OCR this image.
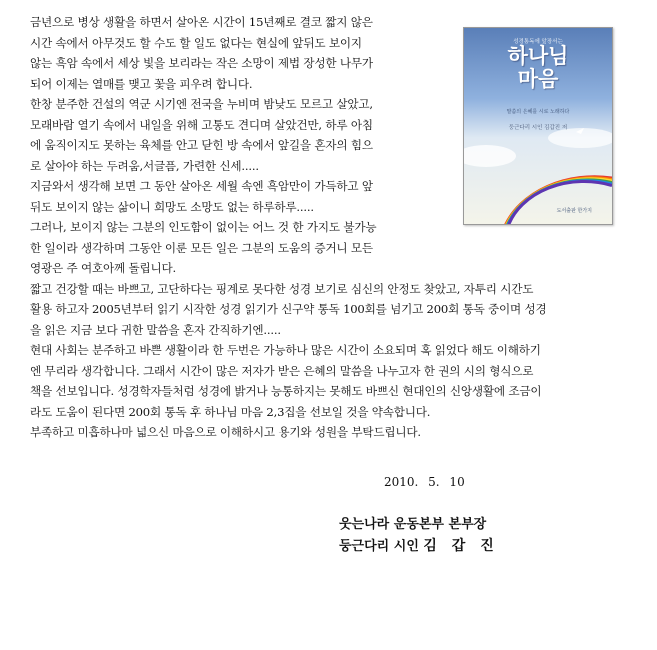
금년으로 병상 생활을 하면서 살아온 시간이 15년째로 결코 짧지 않은
시간 속에서 아무것도 할 수도 할 일도 없다는 현실에 앞뒤도 보이지
않는 흑암 속에서 세상 빛을 보리라는 작은 소망이 제법 장성한 나무가
되어 이제는 열매를 맺고 꽃을 피우려 합니다.
한창 분주한 건설의 역군 시기엔 전국을 누비며 밤낮도 모르고 살았고,
모래바람 열기 속에서 내일을 위해 고통도 견디며 살았건만, 하루 아침
에 움직이지도 못하는 육체를 안고 닫힌 방 속에서 앞길을 혼자의 힘으
로 살아야 하는 두려움,서글픔, 가련한 신세.....
지금와서 생각해 보면 그 동안 살아온 세월 속엔 흑암만이 가득하고 앞
뒤도 보이지 않는 삶이니 희망도 소망도 없는 하루하루.....
그러나, 보이지 않는 그분의 인도함이 없이는 어느 것 한 가지도 불가능
한 일이라 생각하며 그동안 이룬 모든 일은 그분의 도움의 증거니 모든
영광은 주 여호아께 돌립니다.
짧고 건강할 때는 바쁘고, 고단하다는 핑계로 못다한 성경 보기로 심신의 안정도 찾았고, 자투리 시간도
활용 하고자 2005년부터 읽기 시작한 성경 읽기가 신구약 통독 100회를 넘기고 200회 통독 중이며 성경
을 읽은 지금 보다 귀한 말씀을 혼자 간직하기엔.....
현대 사회는 분주하고 바쁜 생활이라 한 두번은 가능하나 많은 시간이 소요되며 혹 읽었다 해도 이해하기
엔 무리라 생각합니다. 그래서 시간이 많은 저자가 받은 은혜의 말씀을 나누고자 한 권의 시의 형식으로
책을 선보입니다. 성경학자들처럼 성경에 밝거나 능통하지는 못해도 바쁘신 현대인의 신앙생활에 조금이
라도 도움이 된다면 200회 통독 후 하나님 마음 2,3집을 선보일 것을 약속합니다.
부족하고 미흡하나마 넓으신 마음으로 이해하시고 용기와 성원을 부탁드립니다.
성경통독에 앞장서는
하나님
마음
말씀의 은혜를 시로 노래하다
둥근다리 시인 김갑진 저
도서출판 한가지
2010. 5. 10
웃는나라 운동본부 본부장
둥근다리 시인 김 갑 진
